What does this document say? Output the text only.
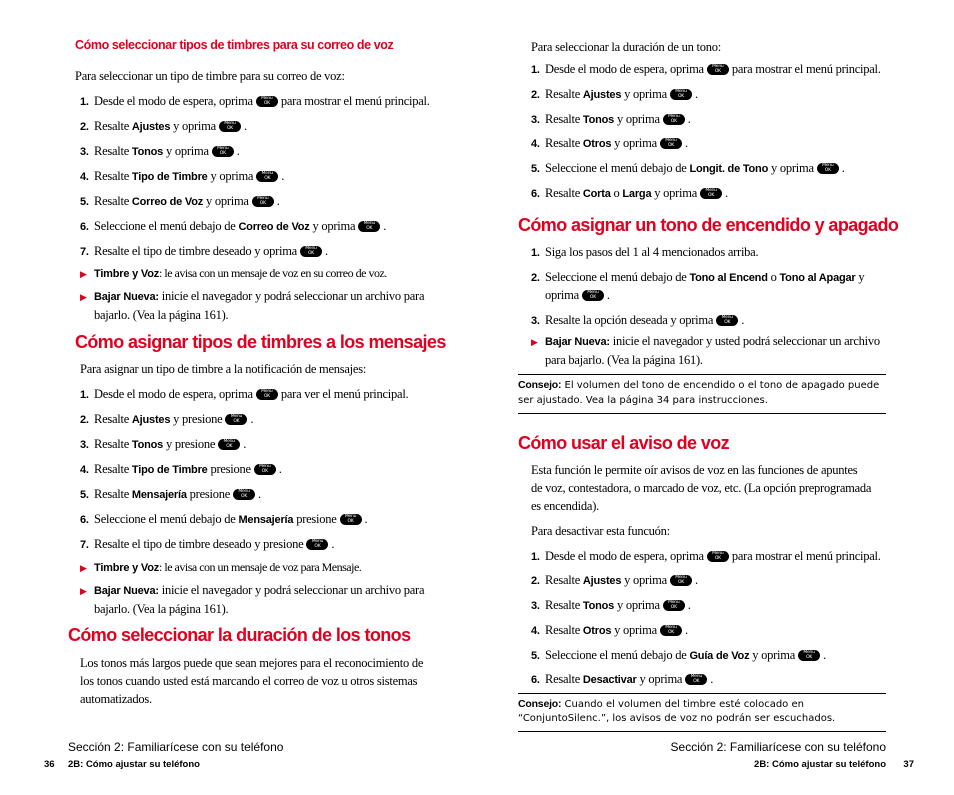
Cómo seleccionar tipos de timbres para su correo de voz
Para seleccionar un tipo de timbre para su correo de voz:
1. Desde el modo de espera, oprima	Menu
OK para mostrar el menú principal.
2. Resalte Ajustes y oprima	Menu
OK .
3. Resalte Tonos y oprima	Menu
OK .
4. Resalte Tipo de Timbre y oprima	Menu
OK .
5. Resalte Correo de Voz y oprima	Menu
OK .
6. Seleccione el menú debajo de Correo de Voz y oprima	Menu
OK .
7. Resalte el tipo de timbre deseado y oprima	Menu
OK .
▶ Timbre y Voz: le avisa con un mensaje de voz en su correo de voz.
▶ Bajar Nueva: inicie el navegador y podrá seleccionar un archivo para
bajarlo. (Vea la página 161).
Cómo asignar tipos de timbres a los mensajes
Para asignar un tipo de timbre a la notificación de mensajes:
1. Desde el modo de espera, oprima	Menu
OK para ver el menú principal.
2. Resalte Ajustes y presione	Menu
OK .
3. Resalte Tonos y presione	Menu
OK .
4. Resalte Tipo de Timbre presione	Menu
OK .
5. Resalte Mensajería presione	Menu
OK .
6. Seleccione el menú debajo de Mensajería presione	Menu
OK .
7. Resalte el tipo de timbre deseado y presione	Menu
OK .
▶ Timbre y Voz: le avisa con un mensaje de voz para Mensaje.
▶ Bajar Nueva: inicie el navegador y podrá seleccionar un archivo para
bajarlo. (Vea la página 161).
Cómo seleccionar la duración de los tonos
Los tonos más largos puede que sean mejores para el reconocimiento de
los tonos cuando usted está marcando el correo de voz u otros sistemas
automatizados.
Sección 2: Familiarícese con su teléfono
36 2B: Cómo ajustar su teléfono
Para seleccionar la duración de un tono:
1. Desde el modo de espera, oprima	Menu
OK para mostrar el menú principal.
2. Resalte Ajustes y oprima	Menu
OK .
3. Resalte Tonos y oprima	Menu
OK .
4. Resalte Otros y oprima	Menu
OK .
5. Seleccione el menú debajo de Longit. de Tono y oprima	Menu
OK .
6. Resalte Corta o Larga y oprima	Menu
OK .
Cómo asignar un tono de encendido y apagado
1. Siga los pasos del 1 al 4 mencionados arriba.
2. Seleccione el menú debajo de Tono al Encend o Tono al Apagar y
oprima	Menu
OK .
3. Resalte la opción deseada y oprima	Menu
OK .
▶ Bajar Nueva: inicie el navegador y usted podrá seleccionar un archivo
para bajarlo. (Vea la página 161).
Consejo: El volumen del tono de encendido o el tono de apagado puede
ser ajustado. Vea la página 34 para instrucciones.
Cómo usar el aviso de voz
Esta función le permite oír avisos de voz en las funciones de apuntes
de voz, contestadora, o marcado de voz, etc. (La opción preprogramada
es encendida).
Para desactivar esta funcuón:
1. Desde el modo de espera, oprima	Menu
OK para mostrar el menú principal.
2. Resalte Ajustes y oprima	Menu
OK .
3. Resalte Tonos y oprima	Menu
OK .
4. Resalte Otros y oprima	Menu
OK .
5. Seleccione el menú debajo de Guía de Voz y oprima	Menu
OK .
6. Resalte Desactivar y oprima	Menu
OK .
Consejo: Cuando el volumen del timbre esté colocado en
“ConjuntoSilenc.”, los avisos de voz no podrán ser escuchados.
Sección 2: Familiarícese con su teléfono
2B: Cómo ajustar su teléfono 37
